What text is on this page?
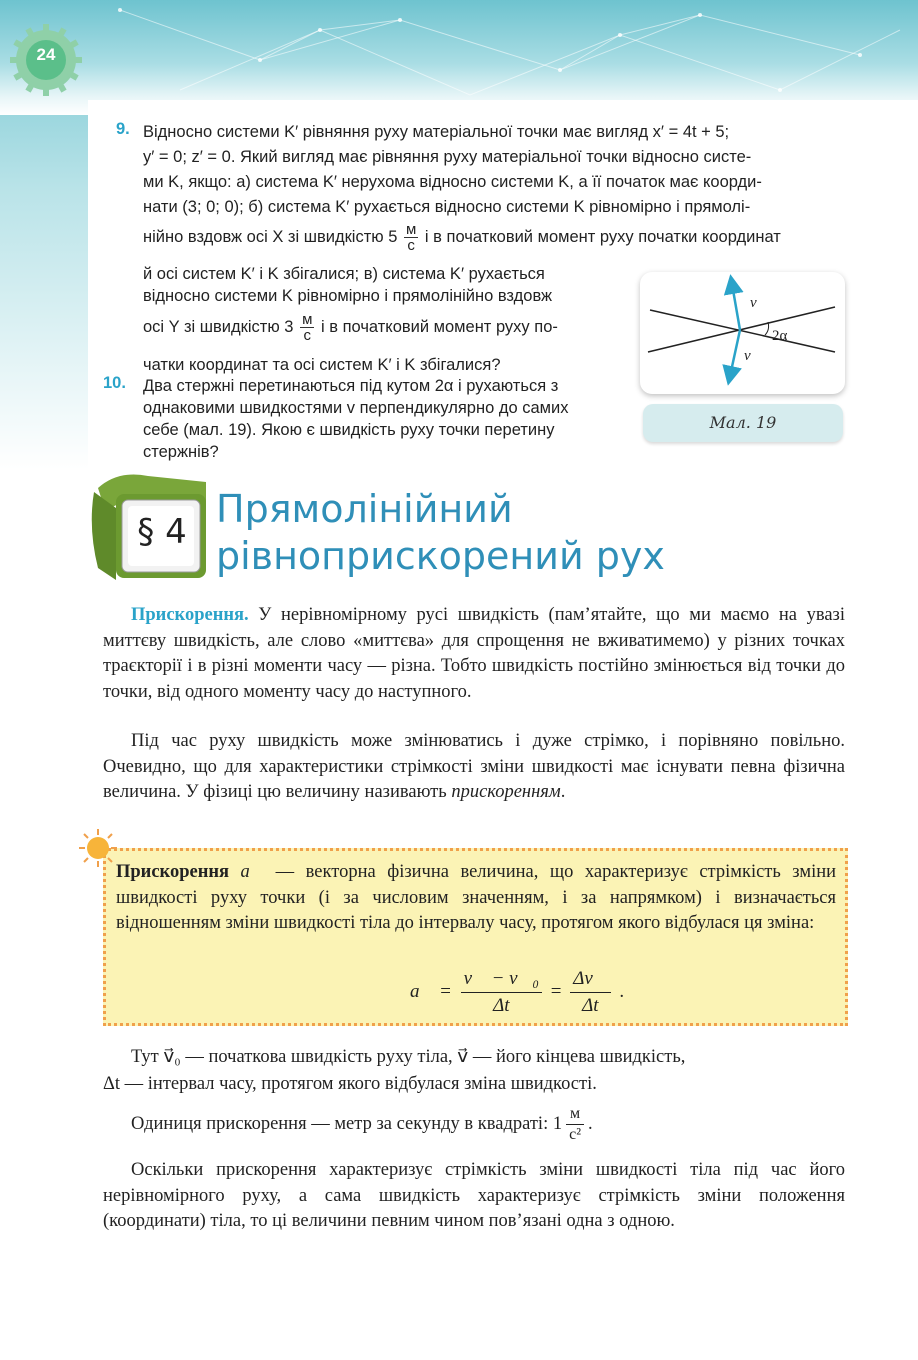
24
9. Відносно системи K′ рівняння руху матеріальної точки має вигляд x′ = 4t + 5;
y′ = 0; z′ = 0. Який вигляд має рівняння руху матеріальної точки відносно систе-
ми K, якщо: а) система K′ нерухома відносно системи K, а її початок має коорди-
нати (3; 0; 0); б) система K′ рухається відносно системи K рівномірно і прямолі-
нійно вздовж осі X зі швидкістю $5 \frac{м}{с}$ і в початковий момент руху початки координат
й осі систем K′ і K збігалися; в) система K′ рухається
відносно системи K рівномірно і прямолінійно вздовж
осі Y зі швидкістю $3 \frac{м}{с}$ і в початковий момент руху по-
чатки координат та осі систем K′ і K збігалися?
10. Два стержні перетинаються під кутом 2α і рухаються з
однаковими швидкостями v перпендикулярно до самих
себе (мал. 19). Якою є швидкість руху точки перетину
стержнів?
v
v
2α
Мал. 19
§ 4
Прямолінійний
рівноприскорений рух
Прискорення. У нерівномірному русі швидкість (пам’ятайте, що ми маємо на увазі миттєву швидкість, але слово «миттєва» для спрощення не вживатимемо) у різних точках траєкторії і в різні моменти часу — різна. Тобто швидкість постійно змінюється від точки до точки, від одного моменту часу до наступного.
Під час руху швидкість може змінюватись і дуже стрімко, і порівняно повільно. Очевидно, що для характеристики стрімкості зміни швидкості має існувати певна фізична величина. У фізиці цю величину називають прискоренням.
Прискорення a⃗ — векторна фізична величина, що характеризує стрімкість зміни швидкості руху точки (і за числовим значенням, і за напрямком) і визначається відношенням зміни швидкості тіла до інтервалу часу, протягом якого відбулася ця зміна:
a⃗ = $\frac{\text{v⃗ − v⃗₀}}{\Delta t} = \frac{\Delta v⃗}{\Delta t}$ .
Тут v⃗₀ — початкова швидкість руху тіла, v⃗ — його кінцева швидкість,
Δt — інтервал часу, протягом якого відбулася зміна швидкості.
Одиниця прискорення — метр за секунду в квадраті: 1
м
с²
.
Оскільки прискорення характеризує стрімкість зміни швидкості тіла під час його нерівномірного руху, а сама швидкість характеризує стрімкість зміни положення (координати) тіла, то ці величини певним чином пов’язані одна з одною.
